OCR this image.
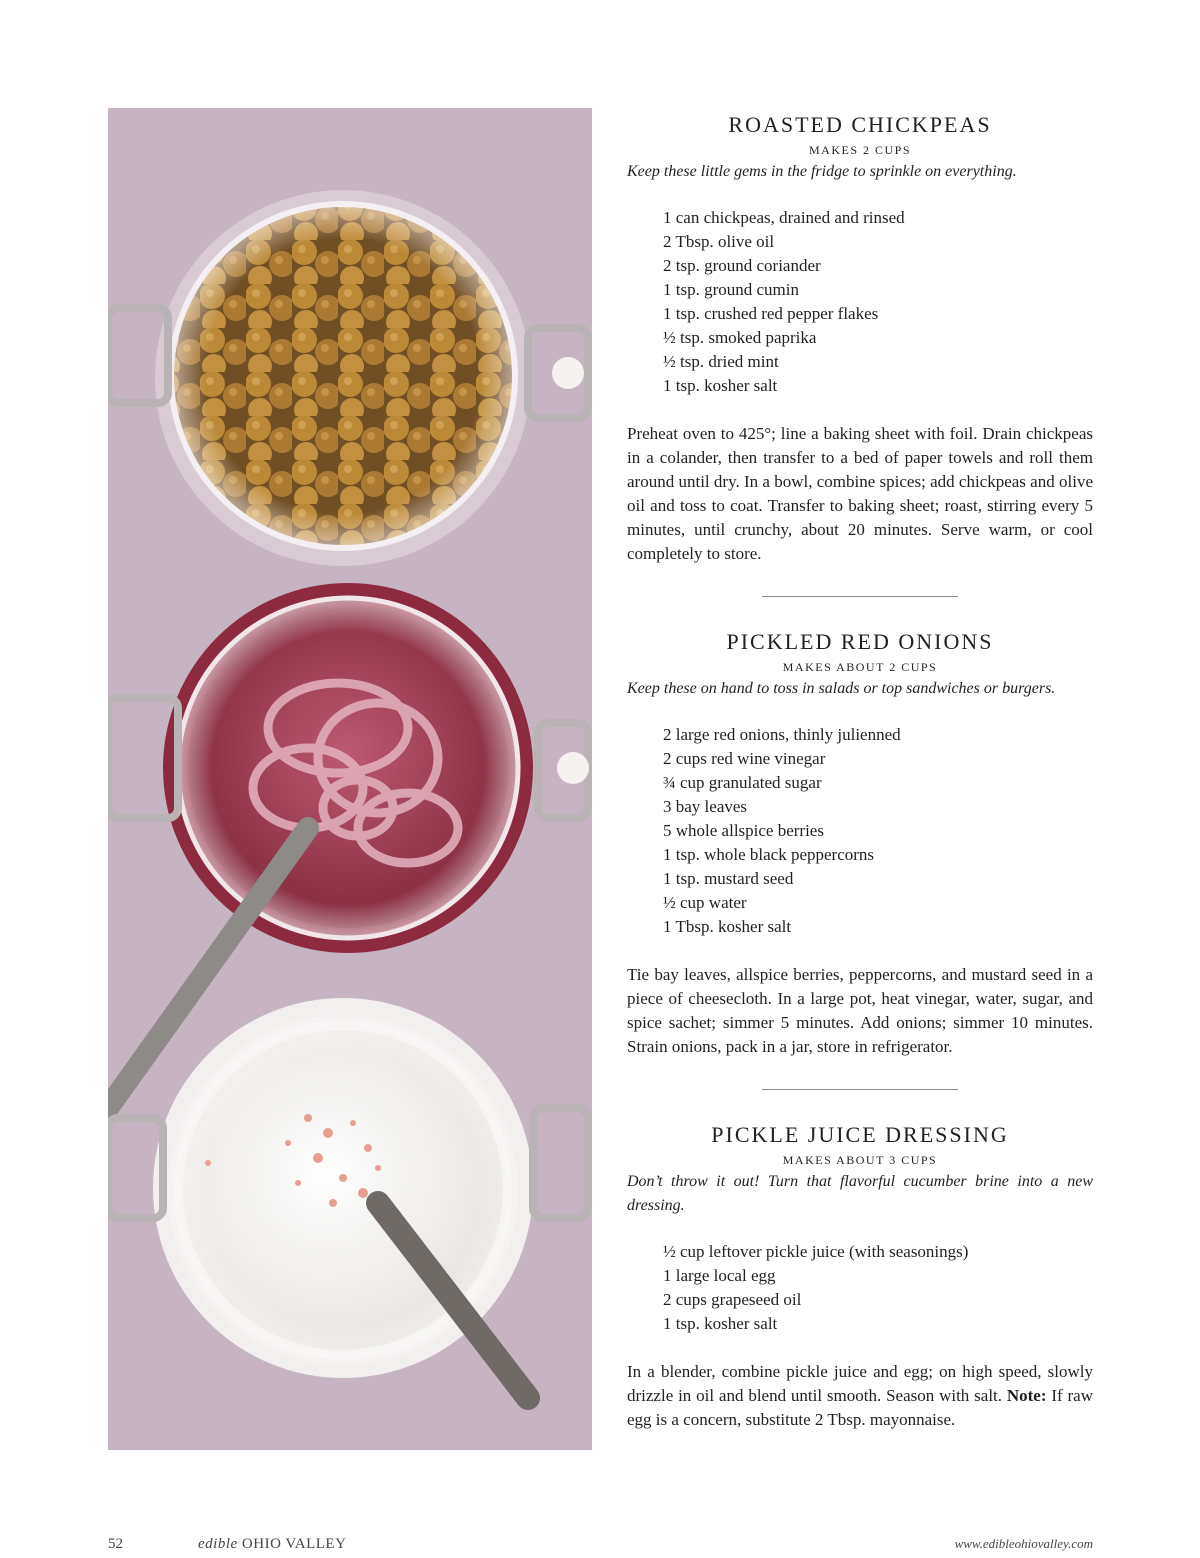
ROASTED CHICKPEAS

MAKES 2 CUPS

Keep these little gems in the fridge to sprinkle on everything.

1 can chickpeas, drained and rinsed
2 Tbsp. olive oil
2 tsp. ground coriander
1 tsp. ground cumin
1 tsp. crushed red pepper flakes
½ tsp. smoked paprika
½ tsp. dried mint
1 tsp. kosher salt

Preheat oven to 425°; line a baking sheet with foil. Drain chickpeas in a colander, then transfer to a bed of paper towels and roll them around until dry. In a bowl, combine spices; add chickpeas and olive oil and toss to coat. Transfer to baking sheet; roast, stirring every 5 minutes, until crunchy, about 20 minutes. Serve warm, or cool completely to store.

PICKLED RED ONIONS

MAKES ABOUT 2 CUPS

Keep these on hand to toss in salads or top sandwiches or burgers.

2 large red onions, thinly julienned
2 cups red wine vinegar
¾ cup granulated sugar
3 bay leaves
5 whole allspice berries
1 tsp. whole black peppercorns
1 tsp. mustard seed
½ cup water
1 Tbsp. kosher salt

Tie bay leaves, allspice berries, peppercorns, and mustard seed in a piece of cheesecloth. In a large pot, heat vinegar, water, sugar, and spice sachet; simmer 5 minutes. Add onions; simmer 10 minutes. Strain onions, pack in a jar, store in refrigerator.

PICKLE JUICE DRESSING

MAKES ABOUT 3 CUPS

Don’t throw it out! Turn that flavorful cucumber brine into a new dressing.

½ cup leftover pickle juice (with seasonings)
1 large local egg
2 cups grapeseed oil
1 tsp. kosher salt

In a blender, combine pickle juice and egg; on high speed, slowly drizzle in oil and blend until smooth. Season with salt. Note: If raw egg is a concern, substitute 2 Tbsp. mayonnaise.

52	edible OHIO VALLEY	www.edibleohiovalley.com
